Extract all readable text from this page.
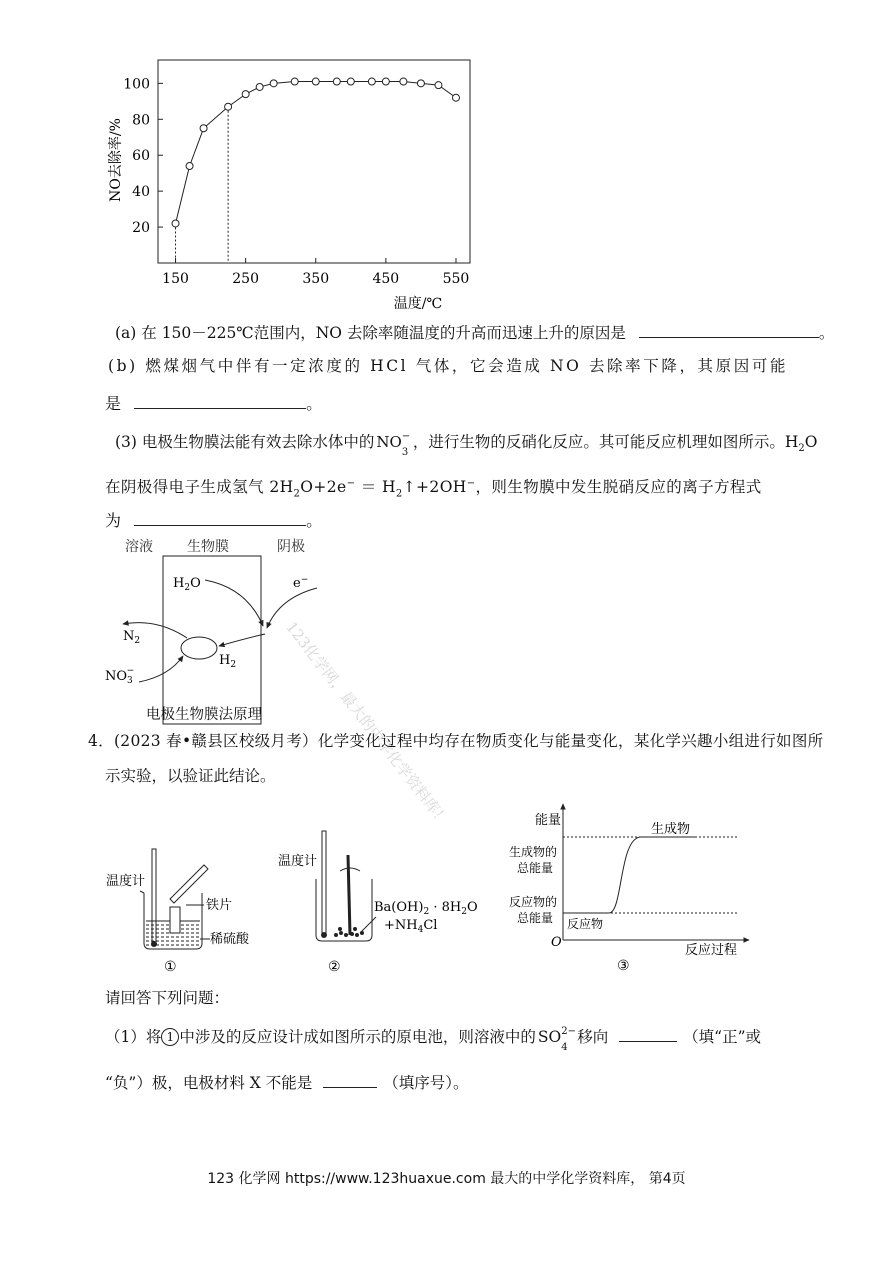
20
40
60
80
100
150	250	350	450	550
NO去除率/%
温度/℃
(a) 在 150－225℃范围内，NO 去除率随温度的升高而迅速上升的原因是	。
(b) 燃煤烟气中伴有一定浓度的 HCl 气体，它会造成 NO 去除率下降，其原因可能
是	。
(3) 电极生物膜法能有效去除水体中的 NO −
3
，进行生物的反硝化反应。其可能反应机理如图所示。$H_2O$
在阴极得电子生成氢气 $2H_2O+2e^-$ ＝ $H_2↑+2OH^-$，则生物膜中发生脱硝反应的离子方程式
为	。
溶液 生物膜	阴极
$H_2O$	e−
$N_2$
$H_2$
$NO_3-$
电极生物膜法原理 123化学网，最大的中学化学资料库！
4．(2023 春•赣县区校级月考）化学变化过程中均存在物质变化与能量变化，某化学兴趣小组进行如图所
示实验，以验证此结论。
温度计
铁片
稀硫酸
①
温度计
$Ba(OH)_2 \cdot 8H_2O$
$+NH_4Cl$
②
能量
O
反应过程
生成物
生成物的
总能量
反应物的
总能量 反应物
③
请回答下列问题：
（1）将 1 中涉及的反应设计成如图所示的原电池，则溶液中的 SO 2−
4
移向	（填“正”或
“负”）极，电极材料 X 不能是	（填序号）。
123 化学网 https://www.123huaxue.com 最大的中学化学资料库， 第4页
